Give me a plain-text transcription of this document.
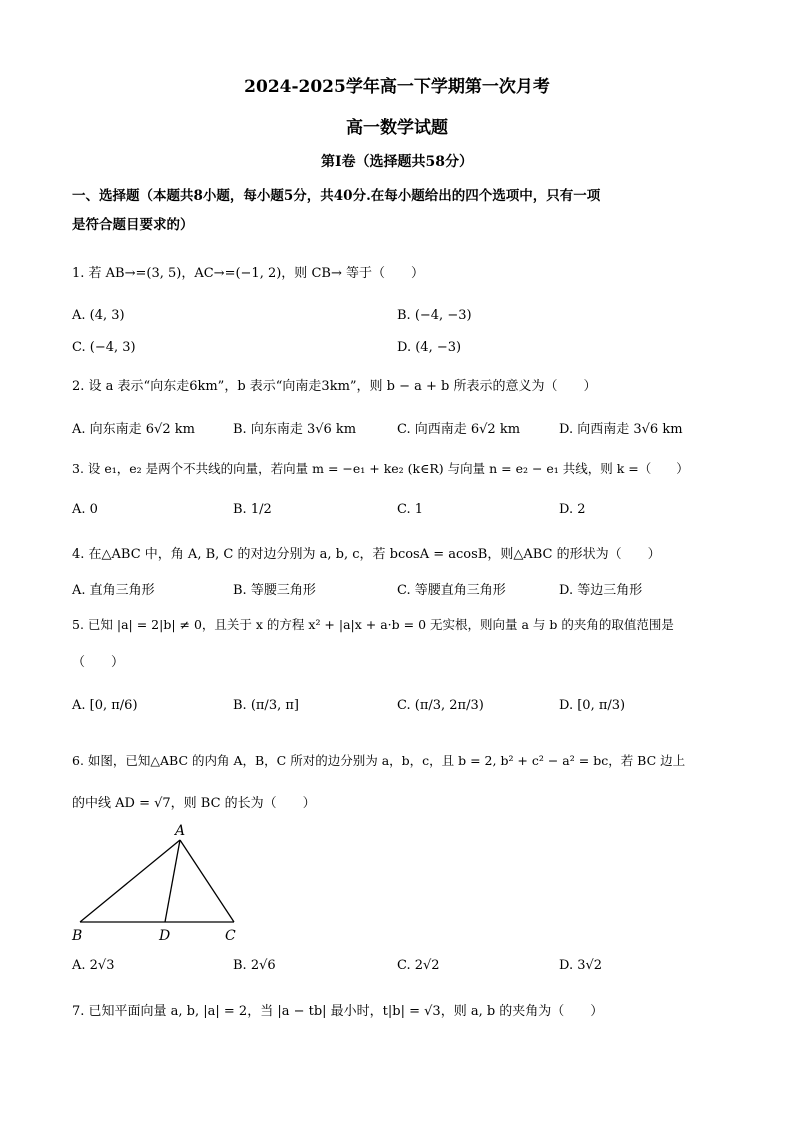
2024-2025学年高一下学期第一次月考
高一数学试题
第Ⅰ卷（选择题共58分）
一、选择题（本题共8小题，每小题5分，共40分.在每小题给出的四个选项中，只有一项
是符合题目要求的）
1. 若 AB→=(3, 5)，AC→=(−1, 2)，则 CB→ 等于（　　）
A. (4, 3)	B. (−4, −3)
C. (−4, 3)	D. (4, −3)
2. 设 a 表示“向东走6km”，b 表示“向南走3km”，则 b − a + b 所表示的意义为（　　）
A. 向东南走 6√2 km	B. 向东南走 3√6 km	C. 向西南走 6√2 km	D. 向西南走 3√6 km
3. 设 e₁，e₂ 是两个不共线的向量，若向量 m = −e₁ + ke₂ (k∈R) 与向量 n = e₂ − e₁ 共线，则 k =（　　）
A. 0	B. 1/2	C. 1	D. 2
4. 在△ABC 中，角 A, B, C 的对边分别为 a, b, c，若 bcosA = acosB，则△ABC 的形状为（　　）
A. 直角三角形	B. 等腰三角形	C. 等腰直角三角形	D. 等边三角形
5. 已知 |a| = 2|b| ≠ 0，且关于 x 的方程 x² + |a|x + a·b = 0 无实根，则向量 a 与 b 的夹角的取值范围是
（　　）
A. [0, π/6)	B. (π/3, π]	C. (π/3, 2π/3)	D. [0, π/3)
6. 如图，已知△ABC 的内角 A，B，C 所对的边分别为 a，b，c，且 b = 2, b² + c² − a² = bc，若 BC 边上
的中线 AD = √7，则 BC 的长为（　　）
A
B	D	C
A. 2√3	B. 2√6	C. 2√2	D. 3√2
7. 已知平面向量 a, b, |a| = 2，当 |a − tb| 最小时，t|b| = √3，则 a, b 的夹角为（　　）
